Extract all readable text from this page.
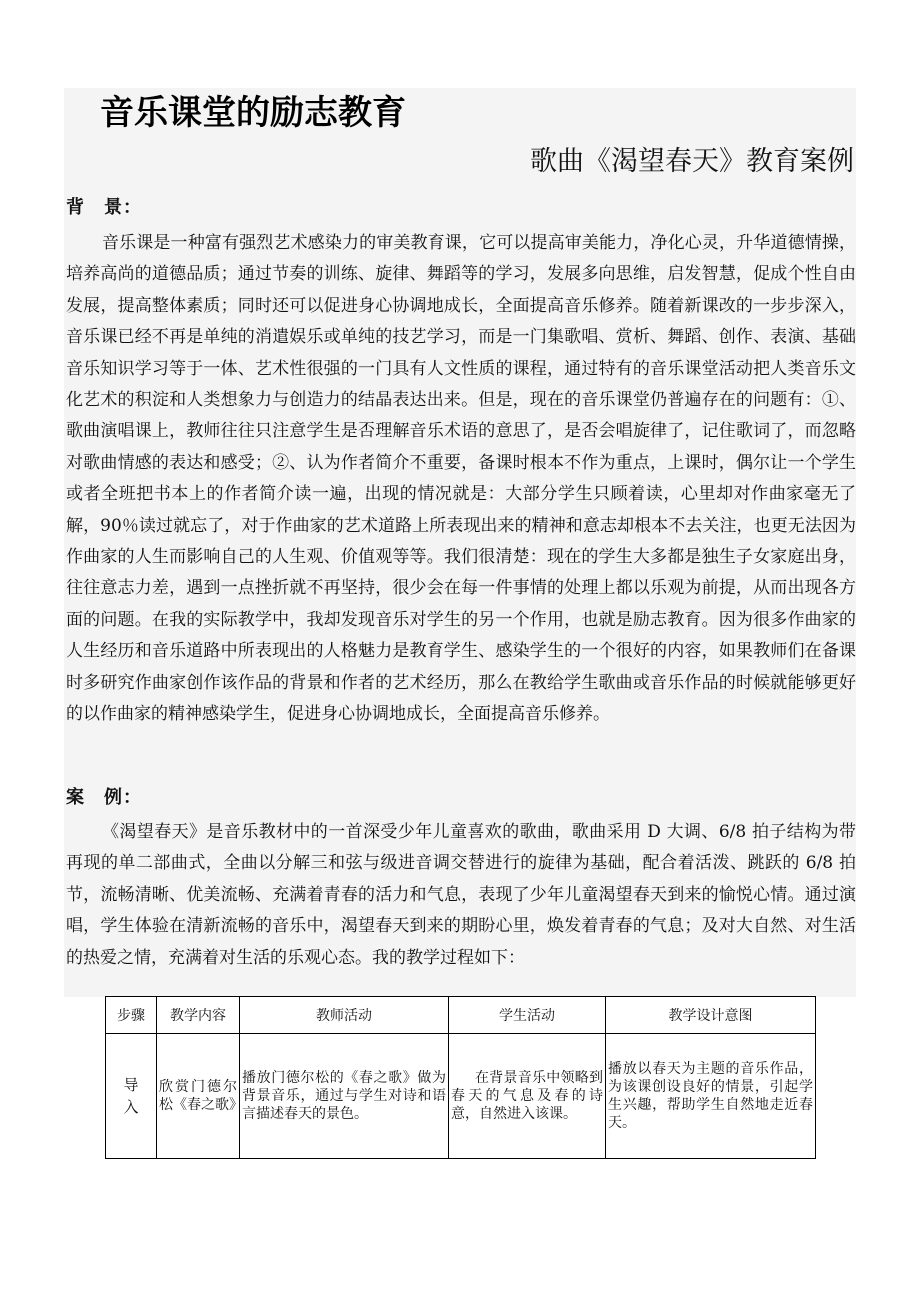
音乐课堂的励志教育
歌曲《渴望春天》教育案例
背　景：

音乐课是一种富有强烈艺术感染力的审美教育课，它可以提高审美能力，净化心灵，升华道德情操，培养高尚的道德品质；通过节奏的训练、旋律、舞蹈等的学习，发展多向思维，启发智慧，促成个性自由发展，提高整体素质；同时还可以促进身心协调地成长，全面提高音乐修养。随着新课改的一步步深入，音乐课已经不再是单纯的消遣娱乐或单纯的技艺学习，而是一门集歌唱、赏析、舞蹈、创作、表演、基础音乐知识学习等于一体、艺术性很强的一门具有人文性质的课程，通过特有的音乐课堂活动把人类音乐文化艺术的积淀和人类想象力与创造力的结晶表达出来。但是，现在的音乐课堂仍普遍存在的问题有：①、歌曲演唱课上，教师往往只注意学生是否理解音乐术语的意思了，是否会唱旋律了，记住歌词了，而忽略对歌曲情感的表达和感受；②、认为作者简介不重要，备课时根本不作为重点，上课时，偶尔让一个学生或者全班把书本上的作者简介读一遍，出现的情况就是：大部分学生只顾着读，心里却对作曲家毫无了解，90％读过就忘了，对于作曲家的艺术道路上所表现出来的精神和意志却根本不去关注，也更无法因为作曲家的人生而影响自己的人生观、价值观等等。我们很清楚：现在的学生大多都是独生子女家庭出身，往往意志力差，遇到一点挫折就不再坚持，很少会在每一件事情的处理上都以乐观为前提，从而出现各方面的问题。在我的实际教学中，我却发现音乐对学生的另一个作用，也就是励志教育。因为很多作曲家的人生经历和音乐道路中所表现出的人格魅力是教育学生、感染学生的一个很好的内容，如果教师们在备课时多研究作曲家创作该作品的背景和作者的艺术经历，那么在教给学生歌曲或音乐作品的时候就能够更好的以作曲家的精神感染学生，促进身心协调地成长，全面提高音乐修养。

案　例：

《渴望春天》是音乐教材中的一首深受少年儿童喜欢的歌曲，歌曲采用 D 大调、6/8 拍子结构为带再现的单二部曲式，全曲以分解三和弦与级进音调交替进行的旋律为基础，配合着活泼、跳跃的 6/8 拍节，流畅清晰、优美流畅、充满着青春的活力和气息，表现了少年儿童渴望春天到来的愉悦心情。通过演唱，学生体验在清新流畅的音乐中，渴望春天到来的期盼心里，焕发着青春的气息；及对大自然、对生活的热爱之情，充满着对生活的乐观心态。我的教学过程如下：

步骤	教学内容	教师活动	学生活动	教学设计意图
导
入	欣赏门德尔松《春之歌》	播放门德尔松的《春之歌》做为背景音乐，通过与学生对诗和语言描述春天的景色。	在背景音乐中领略到春天的气息及春的诗意，自然进入该课。	播放以春天为主题的音乐作品，为该课创设良好的情景，引起学生兴趣，帮助学生自然地走近春天。
